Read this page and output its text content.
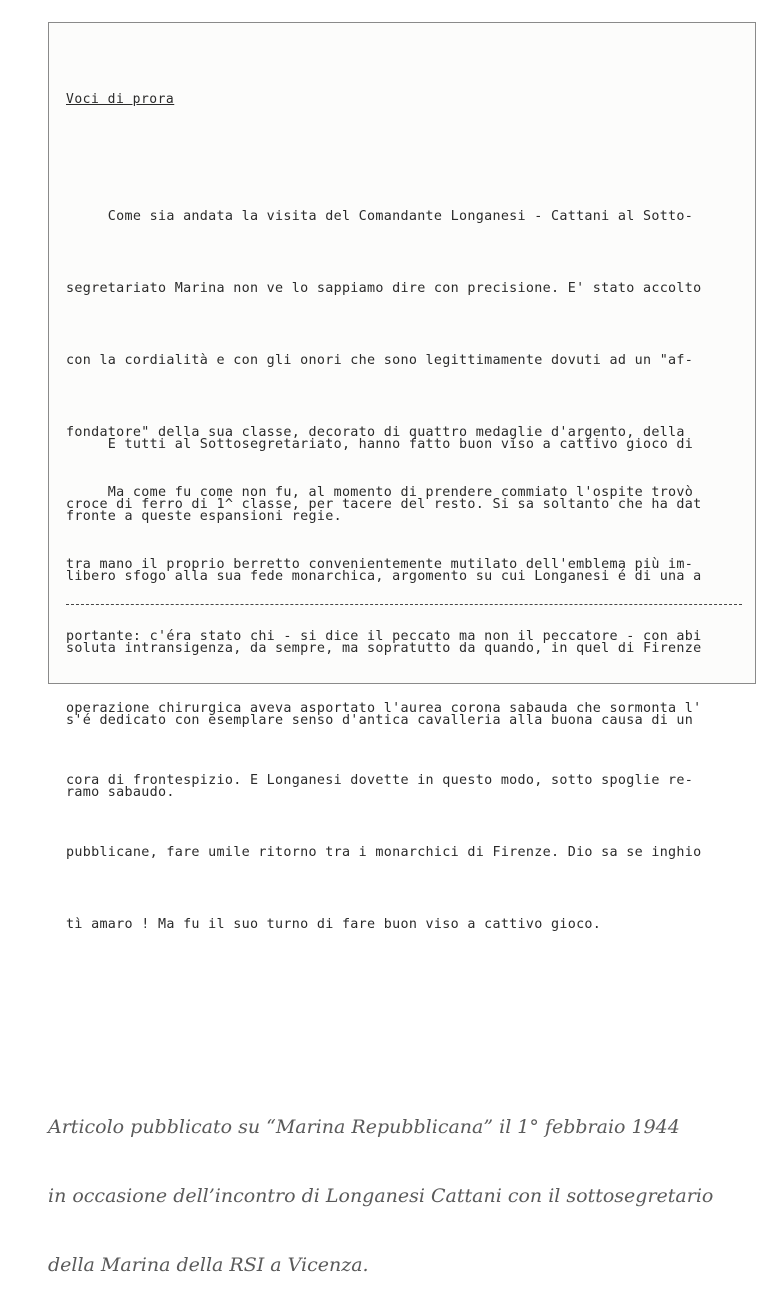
Voci di prora

Come sia andata la visita del Comandante Longanesi - Cattani al Sotto-

segretariato Marina non ve lo sappiamo dire con precisione. E' stato accolto

con la cordialità e con gli onori che sono legittimamente dovuti ad un "af-

fondatore" della sua classe, decorato di quattro medaglie d'argento, della

croce di ferro di 1^ classe, per tacere del resto. Si sa soltanto che ha dat

libero sfogo alla sua fede monarchica, argomento su cui Longanesi é di una a

soluta intransigenza, da sempre, ma sopratutto da quando, in quel di Firenze

s'é dedicato con esemplare senso d'antica cavalleria alla buona causa di un

ramo sabaudo.

E tutti al Sottosegretariato, hanno fatto buon viso a cattivo gioco di

fronte a queste espansioni regie.

Ma come fu come non fu, al momento di prendere commiato l'ospite trovò

tra mano il proprio berretto convenientemente mutilato dell'emblema più im-

portante: c'éra stato chi - si dice il peccato ma non il peccatore - con abi

operazione chirurgica aveva asportato l'aurea corona sabauda che sormonta l'

cora di frontespizio. E Longanesi dovette in questo modo, sotto spoglie re-

pubblicane, fare umile ritorno tra i monarchici di Firenze. Dio sa se inghio

tì amaro ! Ma fu il suo turno di fare buon viso a cattivo gioco.

Articolo pubblicato su “Marina Repubblicana” il 1° febbraio 1944

in occasione dell’incontro di Longanesi Cattani con il sottosegretario

della Marina della RSI a Vicenza.
